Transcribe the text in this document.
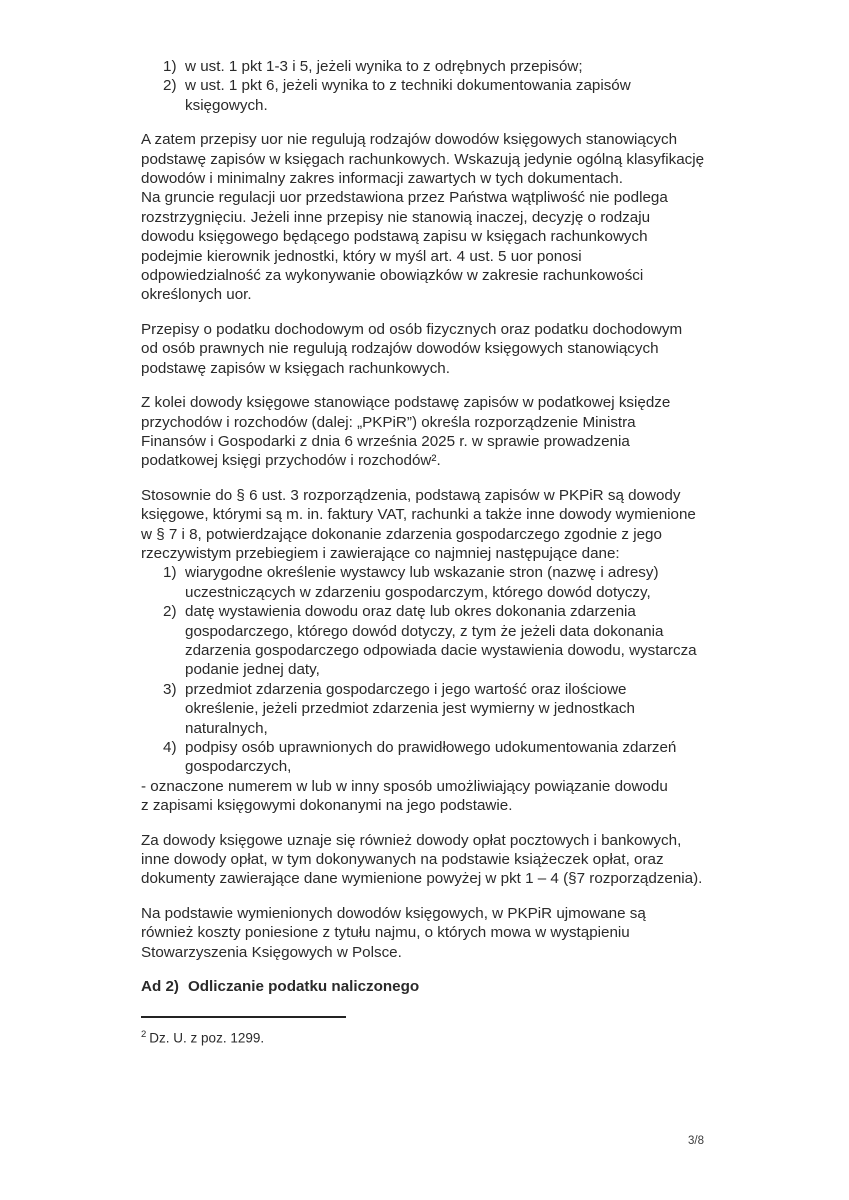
1) w ust. 1 pkt 1-3 i 5, jeżeli wynika to z odrębnych przepisów;
2) w ust. 1 pkt 6, jeżeli wynika to z techniki dokumentowania zapisów
księgowych.
A zatem przepisy uor nie regulują rodzajów dowodów księgowych stanowiących
podstawę zapisów w księgach rachunkowych. Wskazują jedynie ogólną klasyfikację
dowodów i minimalny zakres informacji zawartych w tych dokumentach.
Na gruncie regulacji uor przedstawiona przez Państwa wątpliwość nie podlega
rozstrzygnięciu. Jeżeli inne przepisy nie stanowią inaczej, decyzję o rodzaju
dowodu księgowego będącego podstawą zapisu w księgach rachunkowych
podejmie kierownik jednostki, który w myśl art. 4 ust. 5 uor ponosi
odpowiedzialność za wykonywanie obowiązków w zakresie rachunkowości
określonych uor.
Przepisy o podatku dochodowym od osób fizycznych oraz podatku dochodowym
od osób prawnych nie regulują rodzajów dowodów księgowych stanowiących
podstawę zapisów w księgach rachunkowych.
Z kolei dowody księgowe stanowiące podstawę zapisów w podatkowej księdze
przychodów i rozchodów (dalej: „PKPiR”) określa rozporządzenie Ministra
Finansów i Gospodarki z dnia 6 września 2025 r. w sprawie prowadzenia
podatkowej księgi przychodów i rozchodów².
Stosownie do § 6 ust. 3 rozporządzenia, podstawą zapisów w PKPiR są dowody
księgowe, którymi są m. in. faktury VAT, rachunki a także inne dowody wymienione
w § 7 i 8, potwierdzające dokonanie zdarzenia gospodarczego zgodnie z jego
rzeczywistym przebiegiem i zawierające co najmniej następujące dane:
1) wiarygodne określenie wystawcy lub wskazanie stron (nazwę i adresy)
uczestniczących w zdarzeniu gospodarczym, którego dowód dotyczy,
2) datę wystawienia dowodu oraz datę lub okres dokonania zdarzenia
gospodarczego, którego dowód dotyczy, z tym że jeżeli data dokonania
zdarzenia gospodarczego odpowiada dacie wystawienia dowodu, wystarcza
podanie jednej daty,
3) przedmiot zdarzenia gospodarczego i jego wartość oraz ilościowe
określenie, jeżeli przedmiot zdarzenia jest wymierny w jednostkach
naturalnych,
4) podpisy osób uprawnionych do prawidłowego udokumentowania zdarzeń
gospodarczych,
- oznaczone numerem w lub w inny sposób umożliwiający powiązanie dowodu
z zapisami księgowymi dokonanymi na jego podstawie.
Za dowody księgowe uznaje się również dowody opłat pocztowych i bankowych,
inne dowody opłat, w tym dokonywanych na podstawie książeczek opłat, oraz
dokumenty zawierające dane wymienione powyżej w pkt 1 – 4 (§7 rozporządzenia).
Na podstawie wymienionych dowodów księgowych, w PKPiR ujmowane są
również koszty poniesione z tytułu najmu, o których mowa w wystąpieniu
Stowarzyszenia Księgowych w Polsce.
Ad 2) Odliczanie podatku naliczonego
$^2$ Dz. U. z poz. 1299.
3/8
